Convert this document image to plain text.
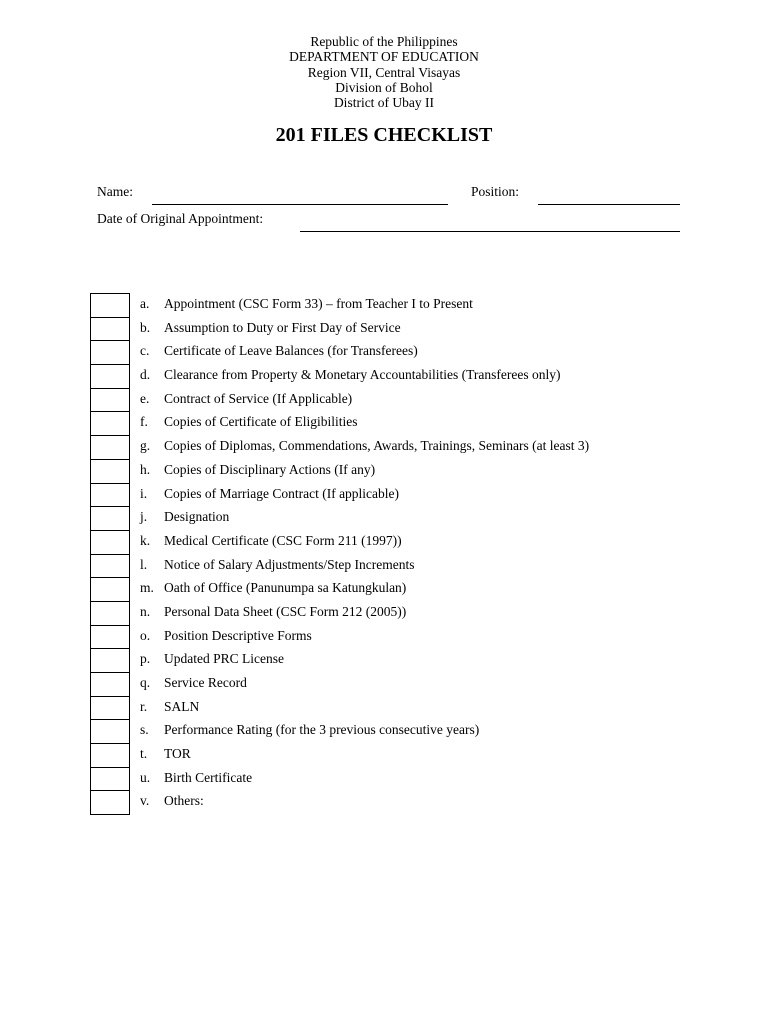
Republic of the Philippines
DEPARTMENT OF EDUCATION
Region VII, Central Visayas
Division of Bohol
District of Ubay II
201 FILES CHECKLIST
Name:	Position:
Date of Original Appointment:
a. Appointment (CSC Form 33) – from Teacher I to Present
b. Assumption to Duty or First Day of Service
c. Certificate of Leave Balances (for Transferees)
d. Clearance from Property & Monetary Accountabilities (Transferees only)
e. Contract of Service (If Applicable)
f. Copies of Certificate of Eligibilities
g. Copies of Diplomas, Commendations, Awards, Trainings, Seminars (at least 3)
h. Copies of Disciplinary Actions (If any)
i. Copies of Marriage Contract (If applicable)
j. Designation
k. Medical Certificate (CSC Form 211 (1997))
l. Notice of Salary Adjustments/Step Increments
m. Oath of Office (Panunumpa sa Katungkulan)
n. Personal Data Sheet (CSC Form 212 (2005))
o. Position Descriptive Forms
p. Updated PRC License
q. Service Record
r. SALN
s. Performance Rating (for the 3 previous consecutive years)
t. TOR
u. Birth Certificate
v. Others:
